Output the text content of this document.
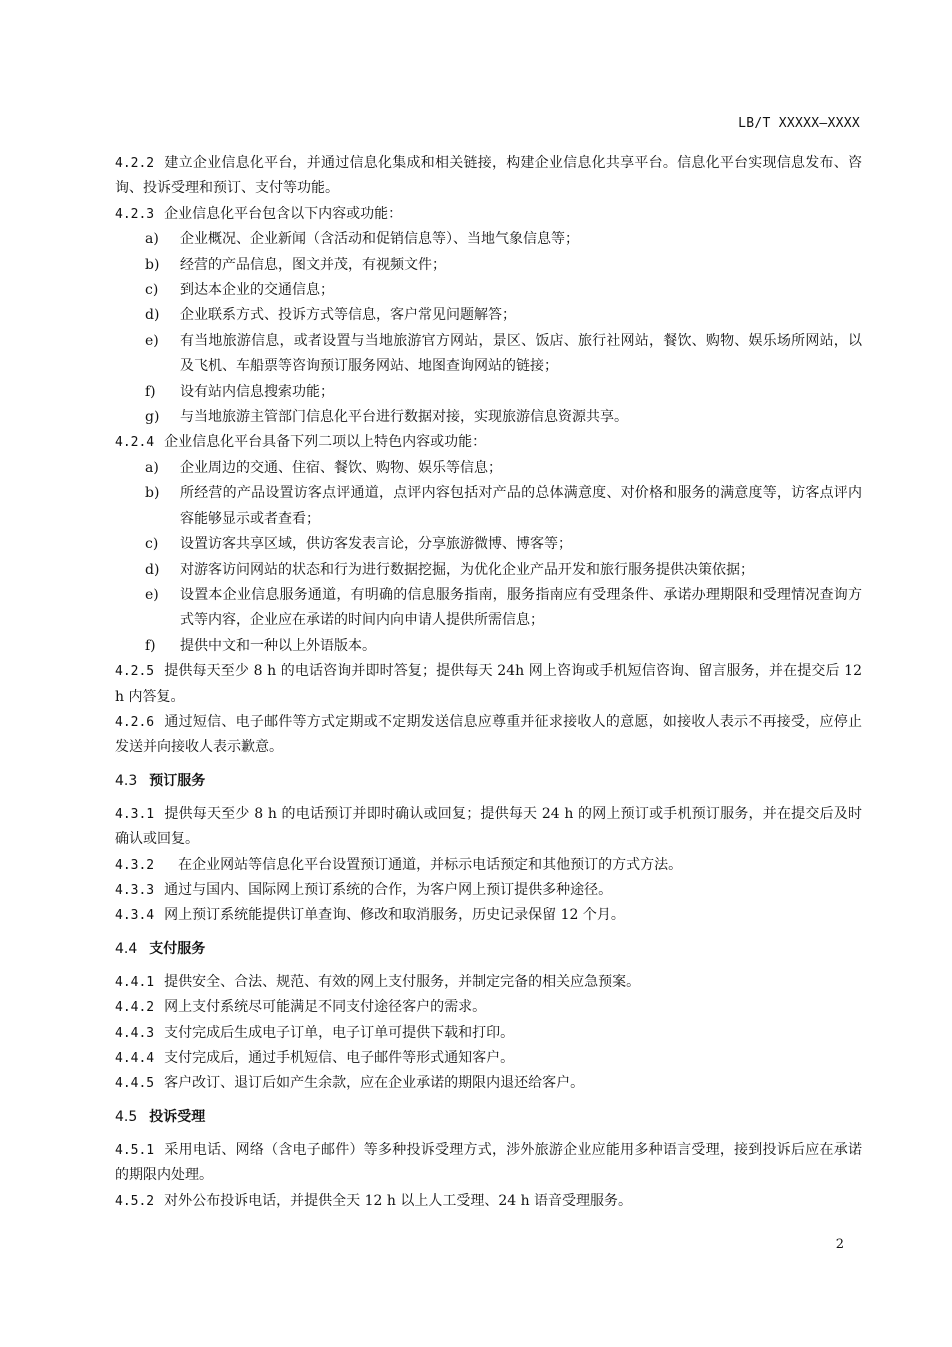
LB/T XXXXX—XXXX

4.2.2 建立企业信息化平台，并通过信息化集成和相关链接，构建企业信息化共享平台。信息化平台实现信息发布、咨询、投诉受理和预订、支付等功能。

4.2.3 企业信息化平台包含以下内容或功能：

a)	企业概况、企业新闻（含活动和促销信息等）、当地气象信息等；
b)	经营的产品信息，图文并茂，有视频文件；
c)	到达本企业的交通信息；
d)	企业联系方式、投诉方式等信息，客户常见问题解答；
e)	有当地旅游信息，或者设置与当地旅游官方网站，景区、饭店、旅行社网站，餐饮、购物、娱乐场所网站，以及飞机、车船票等咨询预订服务网站、地图查询网站的链接；
f)	设有站内信息搜索功能；
g)	与当地旅游主管部门信息化平台进行数据对接，实现旅游信息资源共享。

4.2.4 企业信息化平台具备下列二项以上特色内容或功能：

a)	企业周边的交通、住宿、餐饮、购物、娱乐等信息；
b)	所经营的产品设置访客点评通道，点评内容包括对产品的总体满意度、对价格和服务的满意度等，访客点评内容能够显示或者查看；
c)	设置访客共享区域，供访客发表言论，分享旅游微博、博客等；
d)	对游客访问网站的状态和行为进行数据挖掘，为优化企业产品开发和旅行服务提供决策依据；
e)	设置本企业信息服务通道，有明确的信息服务指南，服务指南应有受理条件、承诺办理期限和受理情况查询方式等内容，企业应在承诺的时间内向申请人提供所需信息；
f)	提供中文和一种以上外语版本。

4.2.5 提供每天至少 8 h 的电话咨询并即时答复；提供每天 24h 网上咨询或手机短信咨询、留言服务，并在提交后 12 h 内答复。

4.2.6 通过短信、电子邮件等方式定期或不定期发送信息应尊重并征求接收人的意愿，如接收人表示不再接受，应停止发送并向接收人表示歉意。

4.3 预订服务

4.3.1 提供每天至少 8 h 的电话预订并即时确认或回复；提供每天 24 h 的网上预订或手机预订服务，并在提交后及时确认或回复。

4.3.2　在企业网站等信息化平台设置预订通道，并标示电话预定和其他预订的方式方法。

4.3.3 通过与国内、国际网上预订系统的合作，为客户网上预订提供多种途径。

4.3.4 网上预订系统能提供订单查询、修改和取消服务，历史记录保留 12 个月。

4.4 支付服务

4.4.1 提供安全、合法、规范、有效的网上支付服务，并制定完备的相关应急预案。

4.4.2 网上支付系统尽可能满足不同支付途径客户的需求。

4.4.3 支付完成后生成电子订单，电子订单可提供下载和打印。

4.4.4 支付完成后，通过手机短信、电子邮件等形式通知客户。

4.4.5 客户改订、退订后如产生余款，应在企业承诺的期限内退还给客户。

4.5 投诉受理

4.5.1 采用电话、网络（含电子邮件）等多种投诉受理方式，涉外旅游企业应能用多种语言受理，接到投诉后应在承诺的期限内处理。

4.5.2 对外公布投诉电话，并提供全天 12 h 以上人工受理、24 h 语音受理服务。

2
